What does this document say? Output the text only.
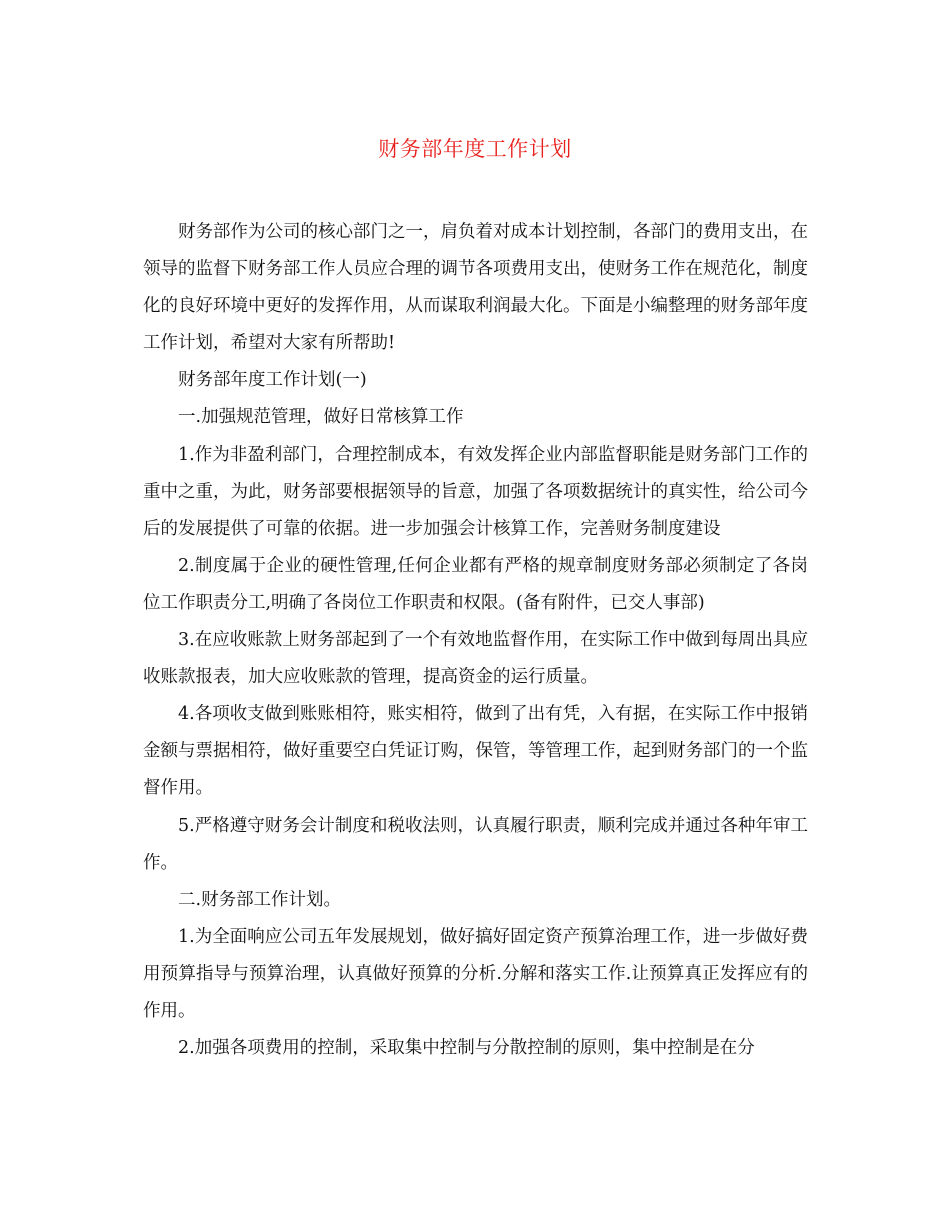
财务部年度工作计划

财务部作为公司的核心部门之一，肩负着对成本计划控制，各部门的费用支出，在领导的监督下财务部工作人员应合理的调节各项费用支出，使财务工作在规范化，制度化的良好环境中更好的发挥作用，从而谋取利润最大化。下面是小编整理的财务部年度工作计划，希望对大家有所帮助!

财务部年度工作计划(一)

一.加强规范管理，做好日常核算工作

1.作为非盈利部门，合理控制成本，有效发挥企业内部监督职能是财务部门工作的重中之重，为此，财务部要根据领导的旨意，加强了各项数据统计的真实性，给公司今后的发展提供了可靠的依据。进一步加强会计核算工作，完善财务制度建设

2.制度属于企业的硬性管理,任何企业都有严格的规章制度财务部必须制定了各岗位工作职责分工,明确了各岗位工作职责和权限。(备有附件，已交人事部)

3.在应收账款上财务部起到了一个有效地监督作用，在实际工作中做到每周出具应收账款报表，加大应收账款的管理，提高资金的运行质量。

4.各项收支做到账账相符，账实相符，做到了出有凭，入有据，在实际工作中报销金额与票据相符，做好重要空白凭证订购，保管，等管理工作，起到财务部门的一个监督作用。

5.严格遵守财务会计制度和税收法则，认真履行职责，顺利完成并通过各种年审工作。

二.财务部工作计划。

1.为全面响应公司五年发展规划，做好搞好固定资产预算治理工作，进一步做好费用预算指导与预算治理，认真做好预算的分析.分解和落实工作.让预算真正发挥应有的作用。

2.加强各项费用的控制，采取集中控制与分散控制的原则，集中控制是在分
